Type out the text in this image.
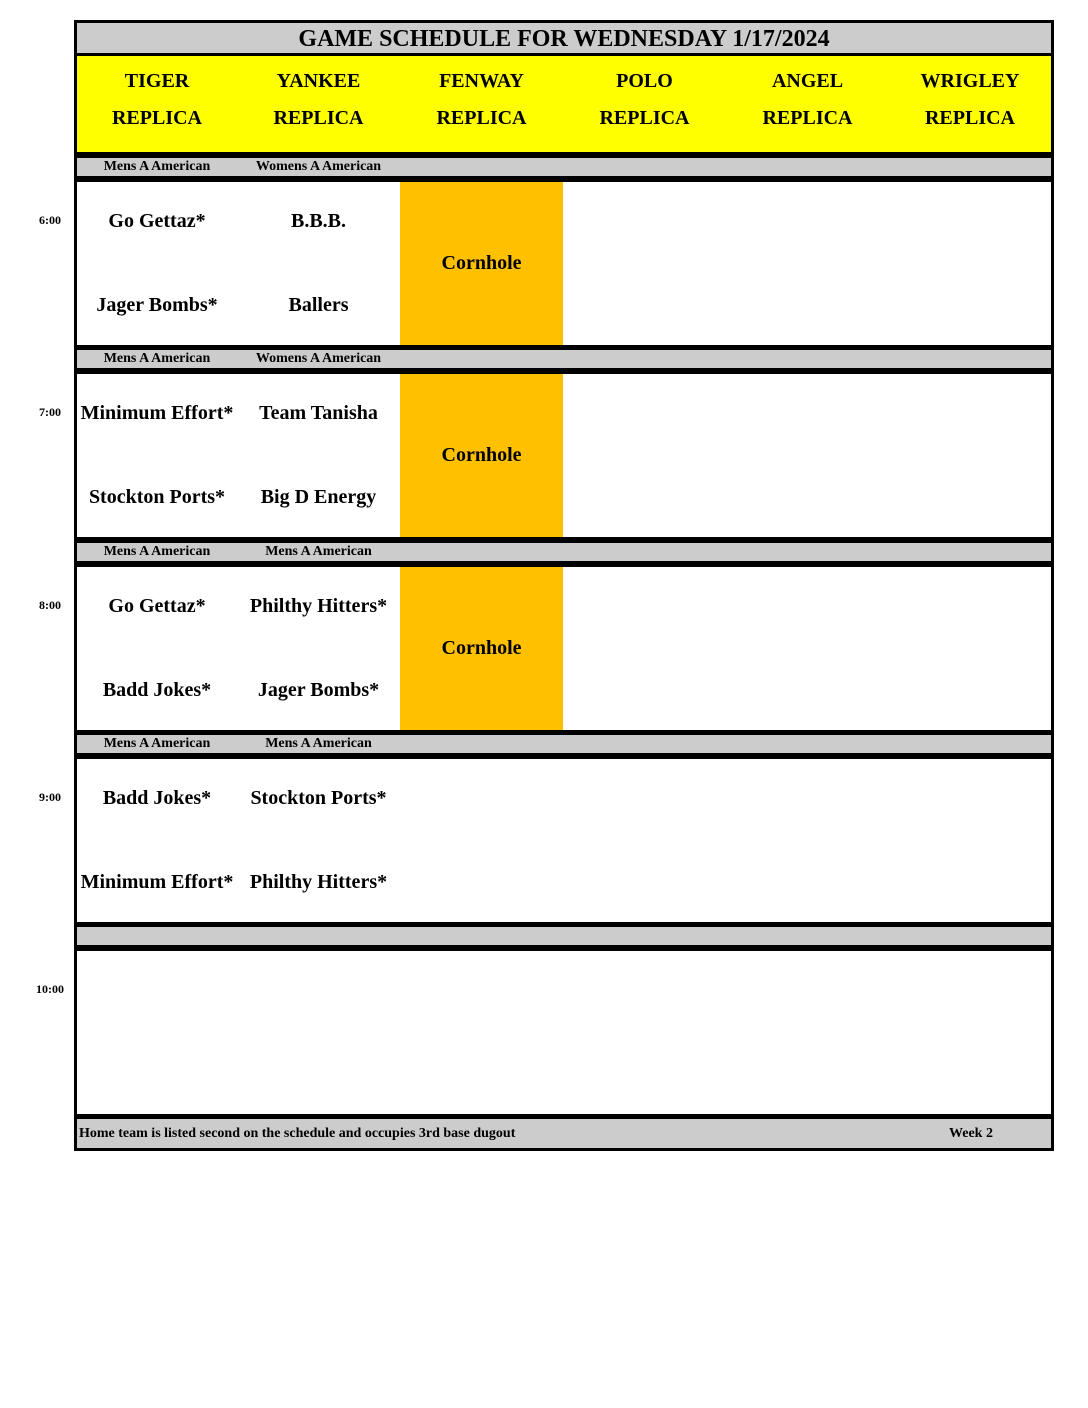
GAME SCHEDULE FOR WEDNESDAY 1/17/2024
TIGER
REPLICA
YANKEE
REPLICA
FENWAY
REPLICA
POLO
REPLICA
ANGEL
REPLICA
WRIGLEY
REPLICA
6:00
Mens A American
Go Gettaz*
Jager Bombs*
Womens A American
B.B.B.
Ballers
Cornhole
7:00
Mens A American
Minimum Effort*
Stockton Ports*
Womens A American
Team Tanisha
Big D Energy
Cornhole
8:00
Mens A American
Go Gettaz*
Badd Jokes*
Mens A American
Philthy Hitters*
Jager Bombs*
Cornhole
9:00
Mens A American
Badd Jokes*
Minimum Effort*
Mens A American
Stockton Ports*
Philthy Hitters*
10:00
Home team is listed second on the schedule and occupies 3rd base dugout	Week 2
